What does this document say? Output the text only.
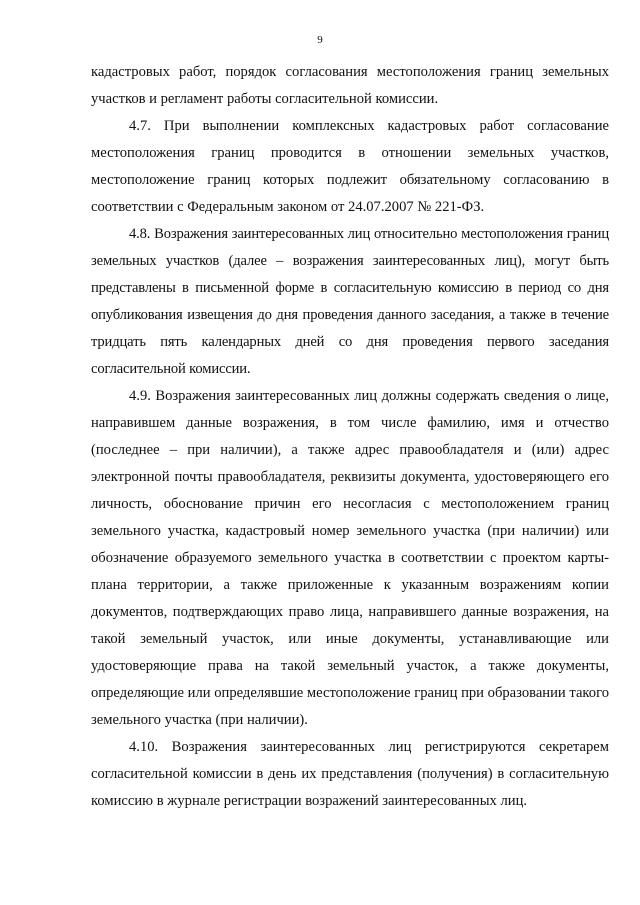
9

кадастровых работ, порядок согласования местоположения границ земельных участков и регламент работы согласительной комиссии.

4.7. При выполнении комплексных кадастровых работ согласование местоположения границ проводится в отношении земельных участков, местоположение границ которых подлежит обязательному согласованию в соответствии с Федеральным законом от 24.07.2007 № 221-ФЗ.

4.8. Возражения заинтересованных лиц относительно местоположения границ земельных участков (далее – возражения заинтересованных лиц), могут быть представлены в письменной форме в согласительную комиссию в период со дня опубликования извещения до дня проведения данного заседания, а также в течение тридцать пять календарных дней со дня проведения первого заседания согласительной комиссии.

4.9. Возражения заинтересованных лиц должны содержать сведения о лице, направившем данные возражения, в том числе фамилию, имя и отчество (последнее – при наличии), а также адрес правообладателя и (или) адрес электронной почты правообладателя, реквизиты документа, удостоверяющего его личность, обоснование причин его несогласия с местоположением границ земельного участка, кадастровый номер земельного участка (при наличии) или обозначение образуемого земельного участка в соответствии с проектом карты-плана территории, а также приложенные к указанным возражениям копии документов, подтверждающих право лица, направившего данные возражения, на такой земельный участок, или иные документы, устанавливающие или удостоверяющие права на такой земельный участок, а также документы, определяющие или определявшие местоположение границ при образовании такого земельного участка (при наличии).

4.10. Возражения заинтересованных лиц регистрируются секретарем согласительной комиссии в день их представления (получения) в согласительную комиссию в журнале регистрации возражений заинтересованных лиц.
